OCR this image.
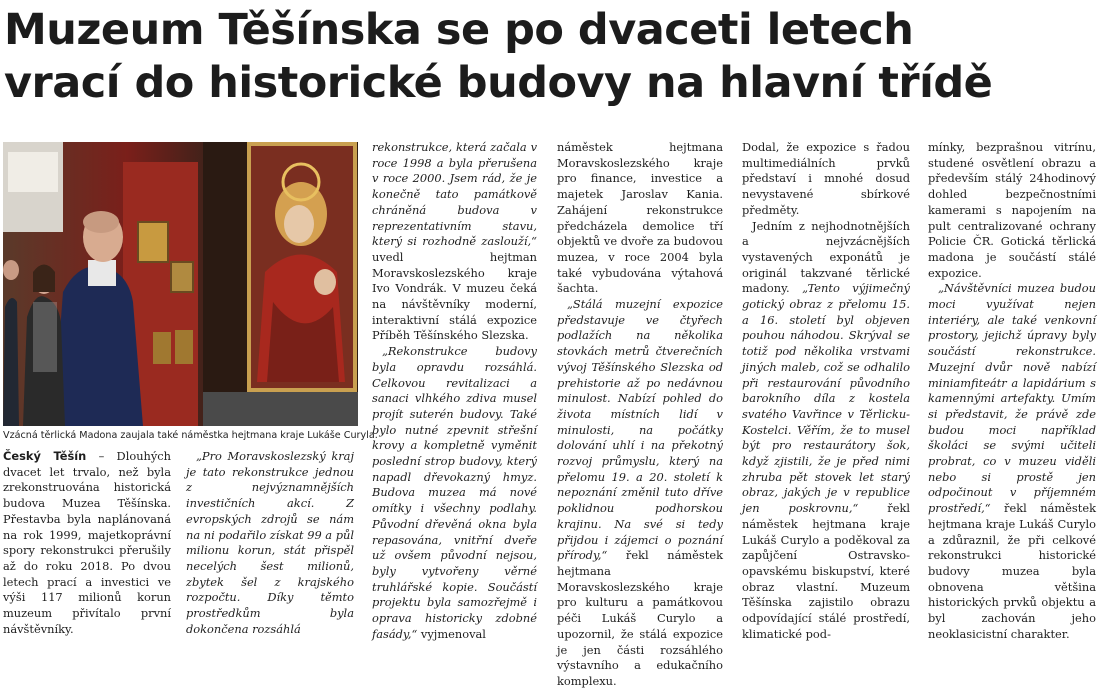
Muzeum Těšínska se po dvaceti letech
vrací do historické budovy na hlavní třídě
Vzácná těrlická Madona zaujala také náměstka hejtmana kraje Lukáše Curyla.

Český Těšín – Dlouhých dvacet let trvalo, než byla zrekonstruována historická budova Muzea Těšínska. Přestavba byla naplánovaná na rok 1999, majetkoprávní spory rekonstrukci přerušily až do roku 2018. Po dvou letech prací a investici ve výši 117 milionů korun muzeum přivítalo první návštěvníky.

„Pro Moravskoslezský kraj je tato rekonstrukce jednou z nejvýznamnějších investičních akcí. Z evropských zdrojů se nám na ni podařilo získat 99 a půl milionu korun, stát přispěl necelých šest milionů, zbytek šel z krajského rozpočtu. Díky těmto prostředkům byla dokončena rozsáhlá

rekonstrukce, která začala v roce 1998 a byla přerušena v roce 2000. Jsem rád, že je konečně tato památkově chráněná budova v reprezentativním stavu, který si rozhodně zaslouží,“ uvedl hejtman Moravskoslezského kraje Ivo Vondrák. V muzeu čeká na návštěvníky moderní, interaktivní stálá expozice Příběh Těšínského Slezska.

„Rekonstrukce budovy byla opravdu rozsáhlá. Celkovou revitalizaci a sanaci vlhkého zdiva musel projít suterén budovy. Také bylo nutné zpevnit střešní krovy a kompletně vyměnit poslední strop budovy, který napadl dřevokazný hmyz. Budova muzea má nové omítky i všechny podlahy. Původní dřevěná okna byla repasována, vnitřní dveře už ovšem původní nejsou, byly vytvořeny věrné truhlářské kopie. Součástí projektu byla samozřejmě i oprava historicky zdobné fasády,“ vyjmenoval

náměstek hejtmana Moravskoslezského kraje pro finance, investice a majetek Jaroslav Kania. Zahájení rekonstrukce předcházela demolice tří objektů ve dvoře za budovou muzea, v roce 2004 byla také vybudována výtahová šachta.

„Stálá muzejní expozice představuje ve čtyřech podlažích na několika stovkách metrů čtverečních vývoj Těšínského Slezska od prehistorie až po nedávnou minulost. Nabízí pohled do života místních lidí v minulosti, na počátky dolování uhlí i na překotný rozvoj průmyslu, který na přelomu 19. a 20. století k nepoznání změnil tuto dříve poklidnou podhorskou krajinu. Na své si tedy přijdou i zájemci o poznání přírody,“ řekl náměstek hejtmana Moravskoslezského kraje pro kulturu a památkovou péči Lukáš Curylo a upozornil, že stálá expozice je jen části rozsáhlého výstavního a edukačního komplexu.

Dodal, že expozice s řadou multimediálních prvků představí i mnohé dosud nevystavené sbírkové předměty.

Jedním z nejhodnotnějších a nejvzácnějších vystavených exponátů je originál takzvané těrlické madony. „Tento výjimečný gotický obraz z přelomu 15. a 16. století byl objeven pouhou náhodou. Skrýval se totiž pod několika vrstvami jiných maleb, což se odhalilo při restaurování původního barokního díla z kostela svatého Vavřince v Těrlicku-Kostelci. Věřím, že to musel být pro restaurátory šok, když zjistili, že je před nimi zhruba pět stovek let starý obraz, jakých je v republice jen poskrovnu,“ řekl náměstek hejtmana kraje Lukáš Curylo a poděkoval za zapůjčení Ostravsko-opavskému biskupství, které obraz vlastní. Muzeum Těšínska zajistilo obrazu odpovídající stálé prostředí, klimatické pod-

mínky, bezprašnou vitrínu, studené osvětlení obrazu a především stálý 24hodinový dohled bezpečnostními kamerami s napojením na pult centralizované ochrany Policie ČR. Gotická těrlická madona je součástí stálé expozice.

„Návštěvníci muzea budou moci využívat nejen interiéry, ale také venkovní prostory, jejichž úpravy byly součástí rekonstrukce. Muzejní dvůr nově nabízí miniamfiteátr a lapidárium s kamennými artefakty. Umím si představit, že právě zde budou moci například školáci se svými učiteli probrat, co v muzeu viděli nebo si prostě jen odpočinout v příjemném prostředí,“ řekl náměstek hejtmana kraje Lukáš Curylo a zdůraznil, že při celkové rekonstrukci historické budovy muzea byla obnovena většina historických prvků objektu a byl zachován jeho neoklasicistní charakter.
